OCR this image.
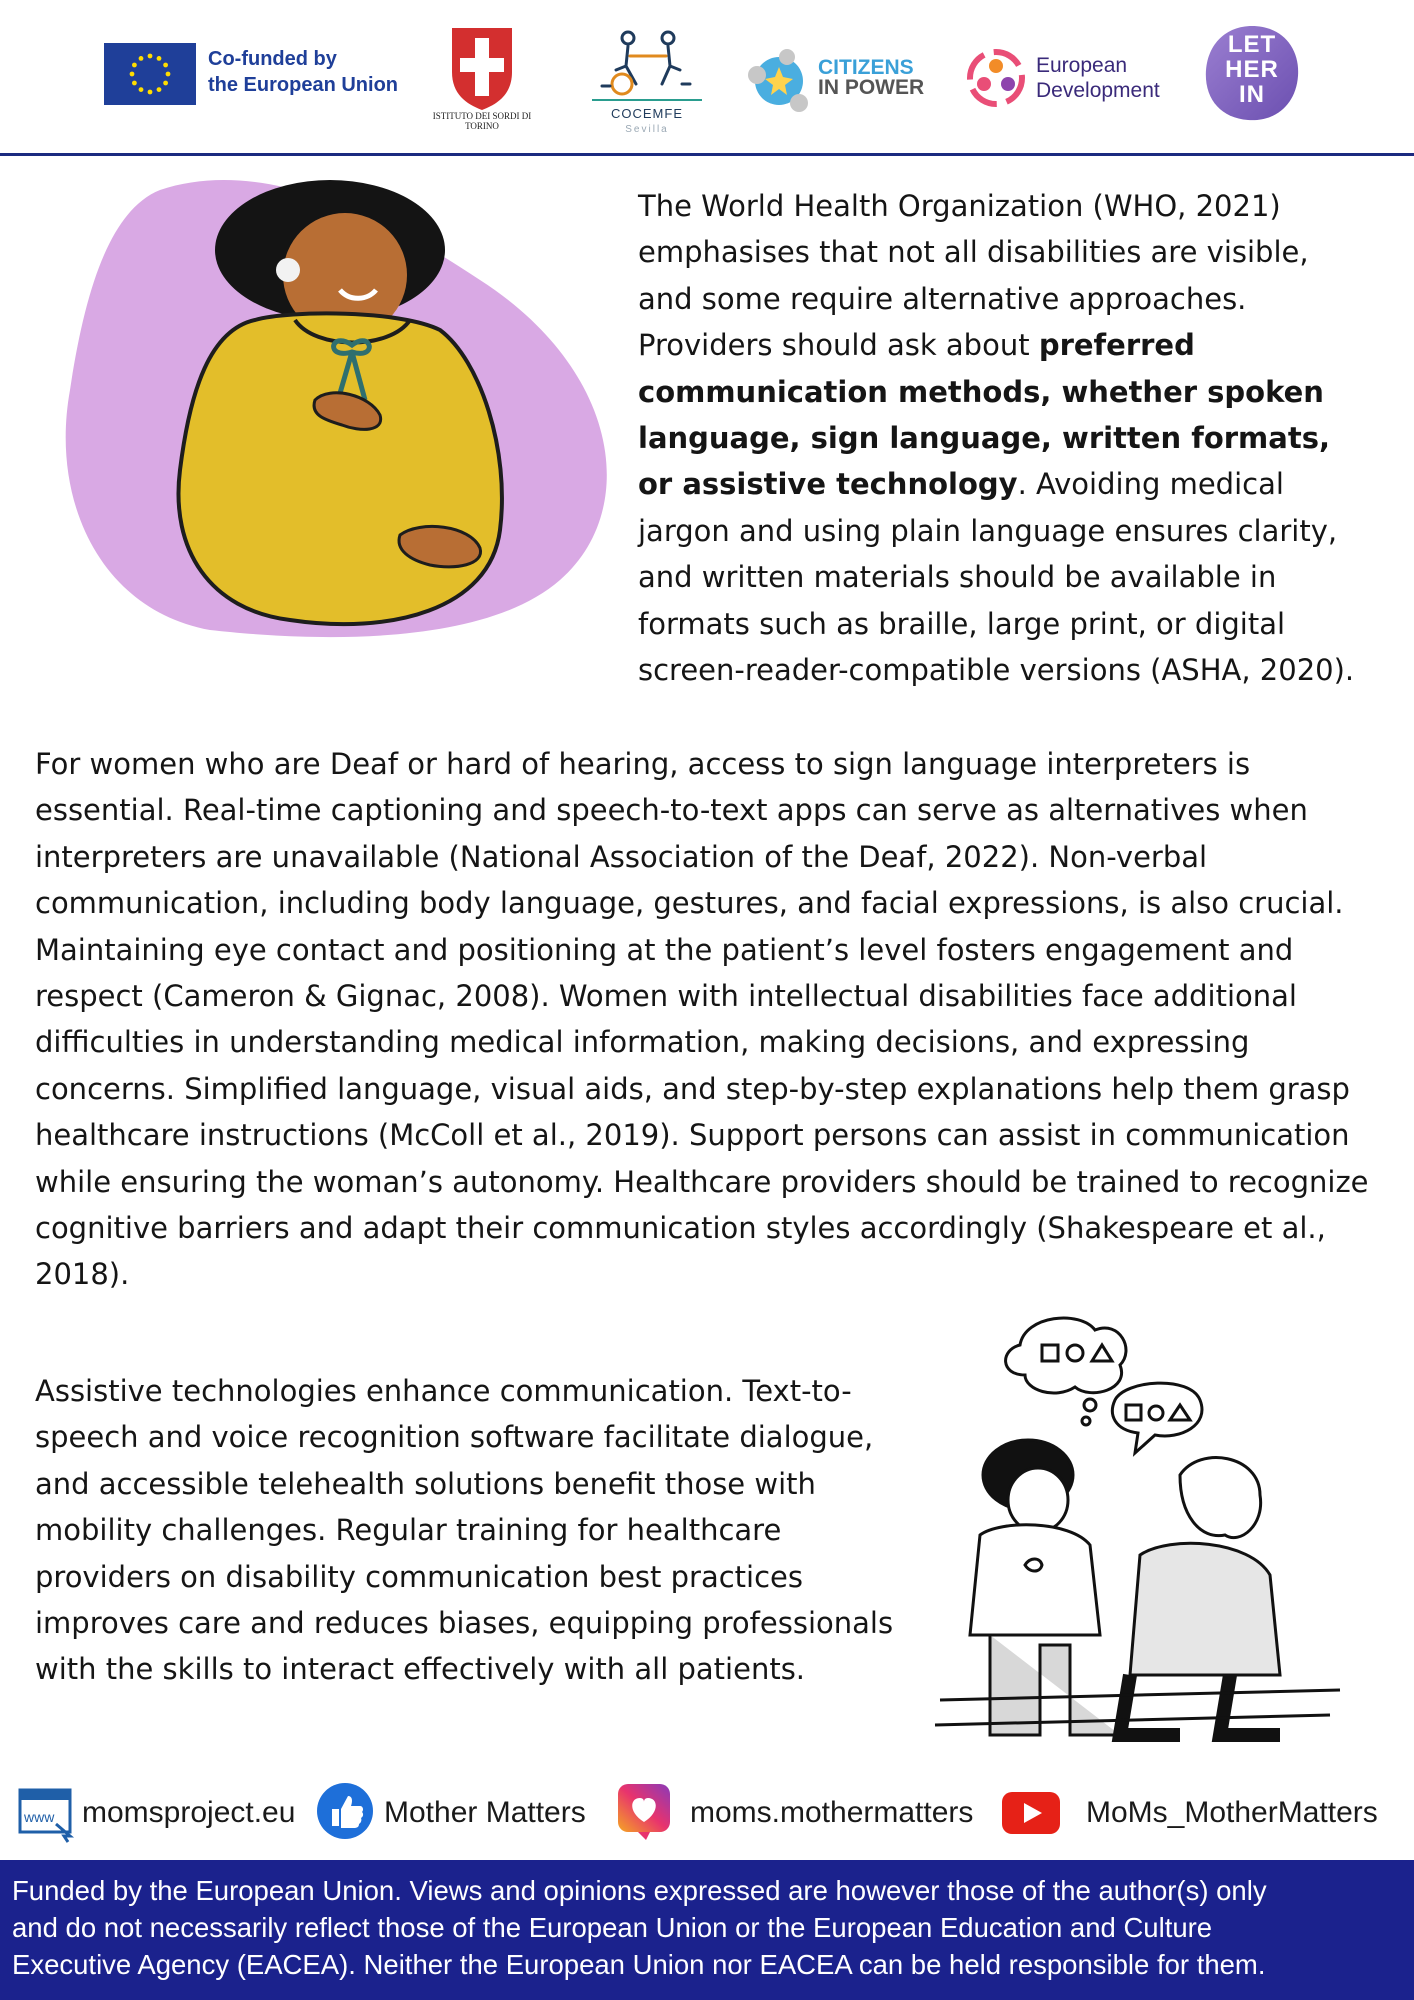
Co-funded by
the European Union
ISTITUTO DEI SORDI DI TORINO
COCEMFE
Sevilla
CITIZENS
IN POWER
European
Development
LET
HER
IN

The World Health Organization (WHO, 2021) emphasises that not all disabilities are visible, and some require alternative approaches. Providers should ask about preferred communication methods, whether spoken language, sign language, written formats, or assistive technology. Avoiding medical jargon and using plain language ensures clarity, and written materials should be available in formats such as braille, large print, or digital screen-reader-compatible versions (ASHA, 2020).

For women who are Deaf or hard of hearing, access to sign language interpreters is essential. Real-time captioning and speech-to-text apps can serve as alternatives when interpreters are unavailable (National Association of the Deaf, 2022). Non-verbal communication, including body language, gestures, and facial expressions, is also crucial. Maintaining eye contact and positioning at the patient’s level fosters engagement and respect (Cameron & Gignac, 2008). Women with intellectual disabilities face additional difficulties in understanding medical information, making decisions, and expressing concerns. Simplified language, visual aids, and step-by-step explanations help them grasp healthcare instructions (McColl et al., 2019). Support persons can assist in communication while ensuring the woman’s autonomy. Healthcare providers should be trained to recognize cognitive barriers and adapt their communication styles accordingly (Shakespeare et al., 2018).

Assistive technologies enhance communication. Text-to-speech and voice recognition software facilitate dialogue, and accessible telehealth solutions benefit those with mobility challenges. Regular training for healthcare providers on disability communication best practices improves care and reduces biases, equipping professionals with the skills to interact effectively with all patients.

www momsproject.eu	Mother Matters	moms.mothermatters	MoMs_MotherMatters
Funded by the European Union. Views and opinions expressed are however those of the author(s) only
and do not necessarily reflect those of the European Union or the European Education and Culture
Executive Agency (EACEA). Neither the European Union nor EACEA can be held responsible for them.
